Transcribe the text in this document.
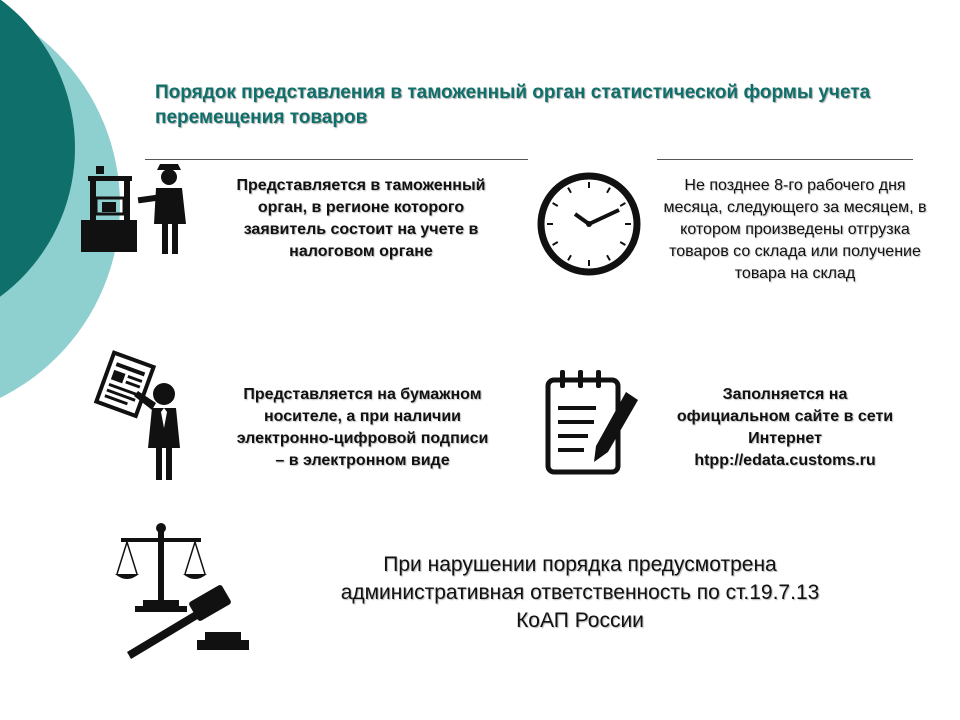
Порядок представления в таможенный орган статистической формы учета перемещения товаров
Представляется в таможенный орган, в регионе которого заявитель состоит на учете в налоговом органе
Не позднее 8-го рабочего дня месяца, следующего за месяцем, в котором произведены отгрузка товаров со склада или получение товара на склад
Представляется на бумажном носителе, а при наличии электронно-цифровой подписи – в электронном виде
Заполняется на официальном сайте в сети Интернет htpp://edata.customs.ru
При нарушении порядка предусмотрена административная ответственность по ст.19.7.13 КоАП России
